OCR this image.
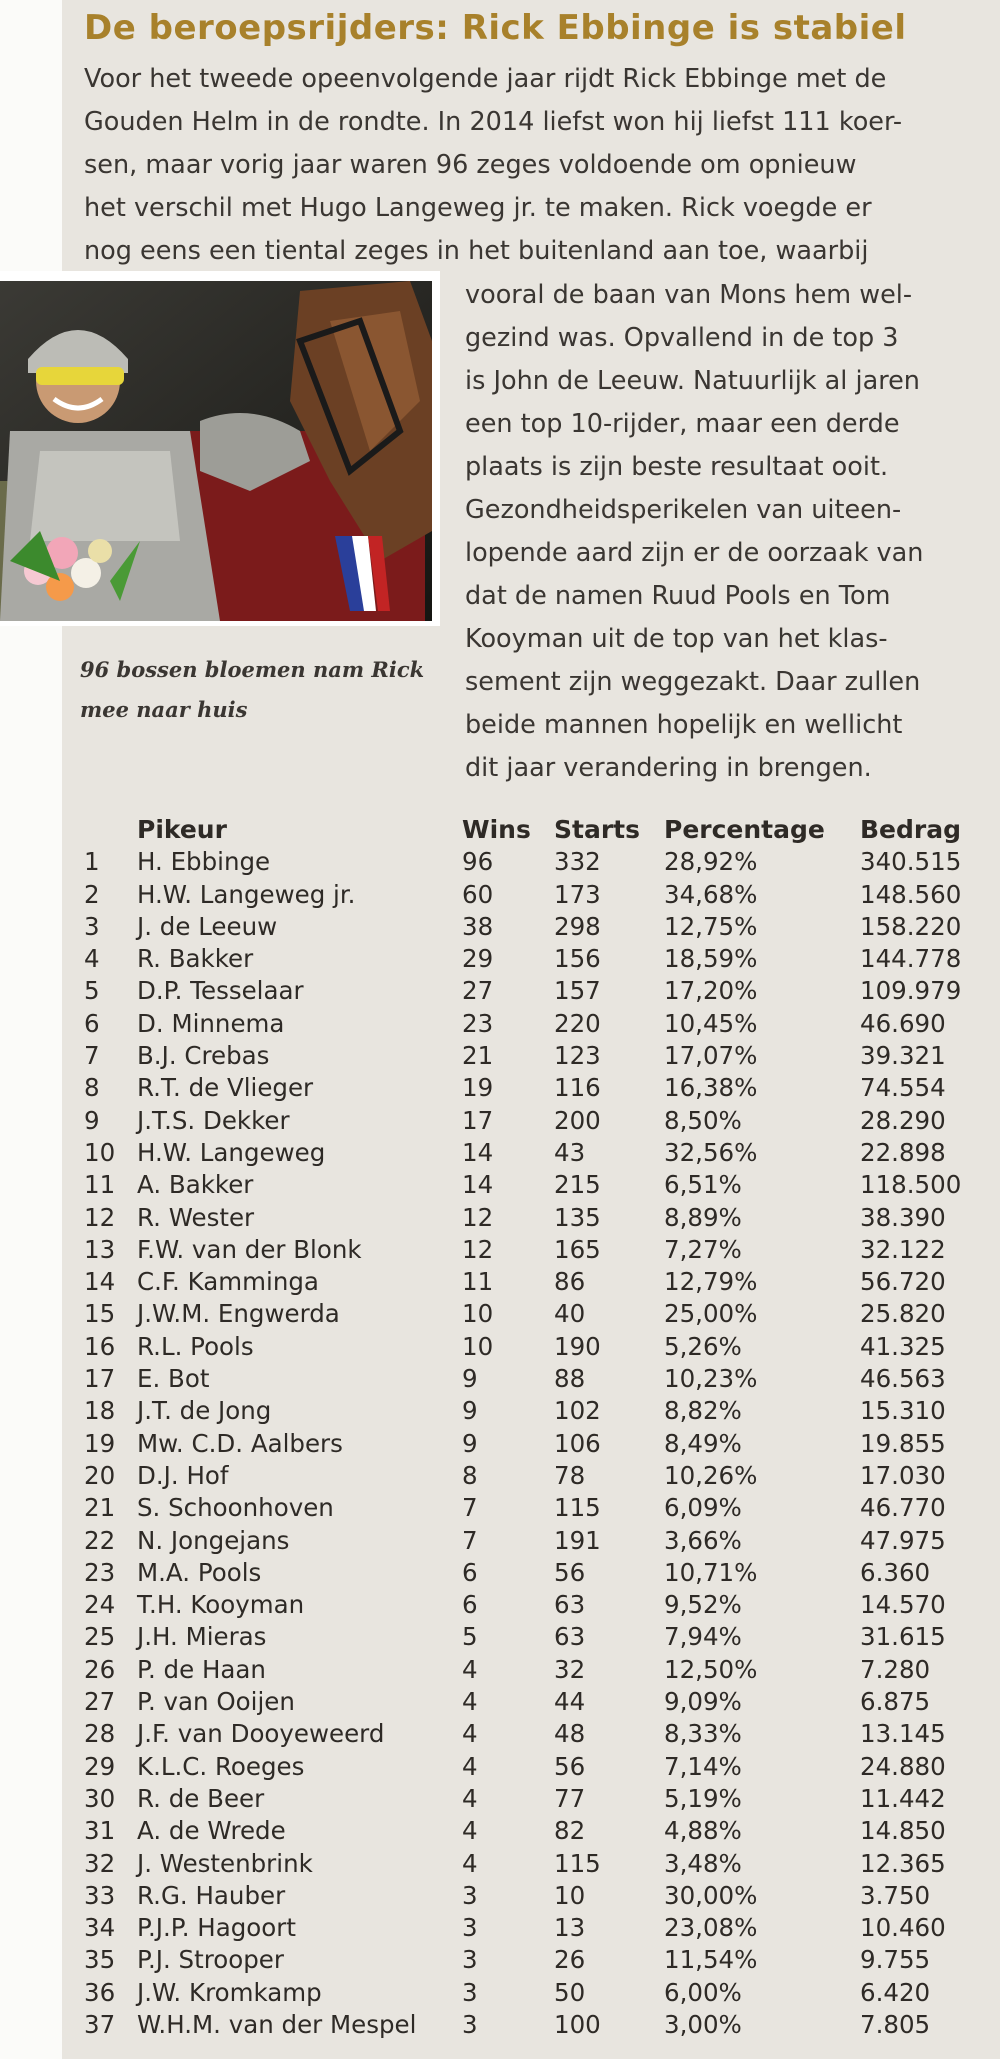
De beroepsrijders: Rick Ebbinge is stabiel
Voor het tweede opeenvolgende jaar rijdt Rick Ebbinge met de
Gouden Helm in de rondte. In 2014 liefst won hij liefst 111 koer-
sen, maar vorig jaar waren 96 zeges voldoende om opnieuw
het verschil met Hugo Langeweg jr. te maken. Rick voegde er
nog eens een tiental zeges in het buitenland aan toe, waarbij
96 bossen bloemen nam Rick
mee naar huis
vooral de baan van Mons hem wel-
gezind was. Opvallend in de top 3
is John de Leeuw. Natuurlijk al jaren
een top 10-rijder, maar een derde
plaats is zijn beste resultaat ooit.
Gezondheidsperikelen van uiteen-
lopende aard zijn er de oorzaak van
dat de namen Ruud Pools en Tom
Kooyman uit de top van het klas-
sement zijn weggezakt. Daar zullen
beide mannen hopelijk en wellicht
dit jaar verandering in brengen.
Pikeur	Wins Starts Percentage Bedrag
1 H. Ebbinge	96 332	28,92%	340.515
2 H.W. Langeweg jr.	60 173	34,68%	148.560
3 J. de Leeuw	38 298	12,75%	158.220
4 R. Bakker	29 156	18,59%	144.778
5 D.P. Tesselaar	27 157	17,20%	109.979
6 D. Minnema	23 220	10,45%	46.690
7 B.J. Crebas	21 123	17,07%	39.321
8 R.T. de Vlieger	19 116	16,38%	74.554
9 J.T.S. Dekker	17 200	8,50%	28.290
10 H.W. Langeweg	14 43	32,56%	22.898
11 A. Bakker	14 215	6,51%	118.500
12 R. Wester	12 135	8,89%	38.390
13 F.W. van der Blonk	12 165	7,27%	32.122
14 C.F. Kamminga	11 86	12,79%	56.720
15 J.W.M. Engwerda	10 40	25,00%	25.820
16 R.L. Pools	10 190	5,26%	41.325
17 E. Bot	9	88	10,23%	46.563
18 J.T. de Jong	9	102	8,82%	15.310
19 Mw. C.D. Aalbers	9	106	8,49%	19.855
20 D.J. Hof	8	78	10,26%	17.030
21 S. Schoonhoven	7	115	6,09%	46.770
22 N. Jongejans	7	191	3,66%	47.975
23 M.A. Pools	6	56	10,71%	6.360
24 T.H. Kooyman	6	63	9,52%	14.570
25 J.H. Mieras	5	63	7,94%	31.615
26 P. de Haan	4	32	12,50%	7.280
27 P. van Ooijen	4	44	9,09%	6.875
28 J.F. van Dooyeweerd	4	48	8,33%	13.145
29 K.L.C. Roeges	4	56	7,14%	24.880
30 R. de Beer	4	77	5,19%	11.442
31 A. de Wrede	4	82	4,88%	14.850
32 J. Westenbrink	4	115	3,48%	12.365
33 R.G. Hauber	3	10	30,00%	3.750
34 P.J.P. Hagoort	3	13	23,08%	10.460
35 P.J. Strooper	3	26	11,54%	9.755
36 J.W. Kromkamp	3	50	6,00%	6.420
37 W.H.M. van der Mespel 3	100	3,00%	7.805
